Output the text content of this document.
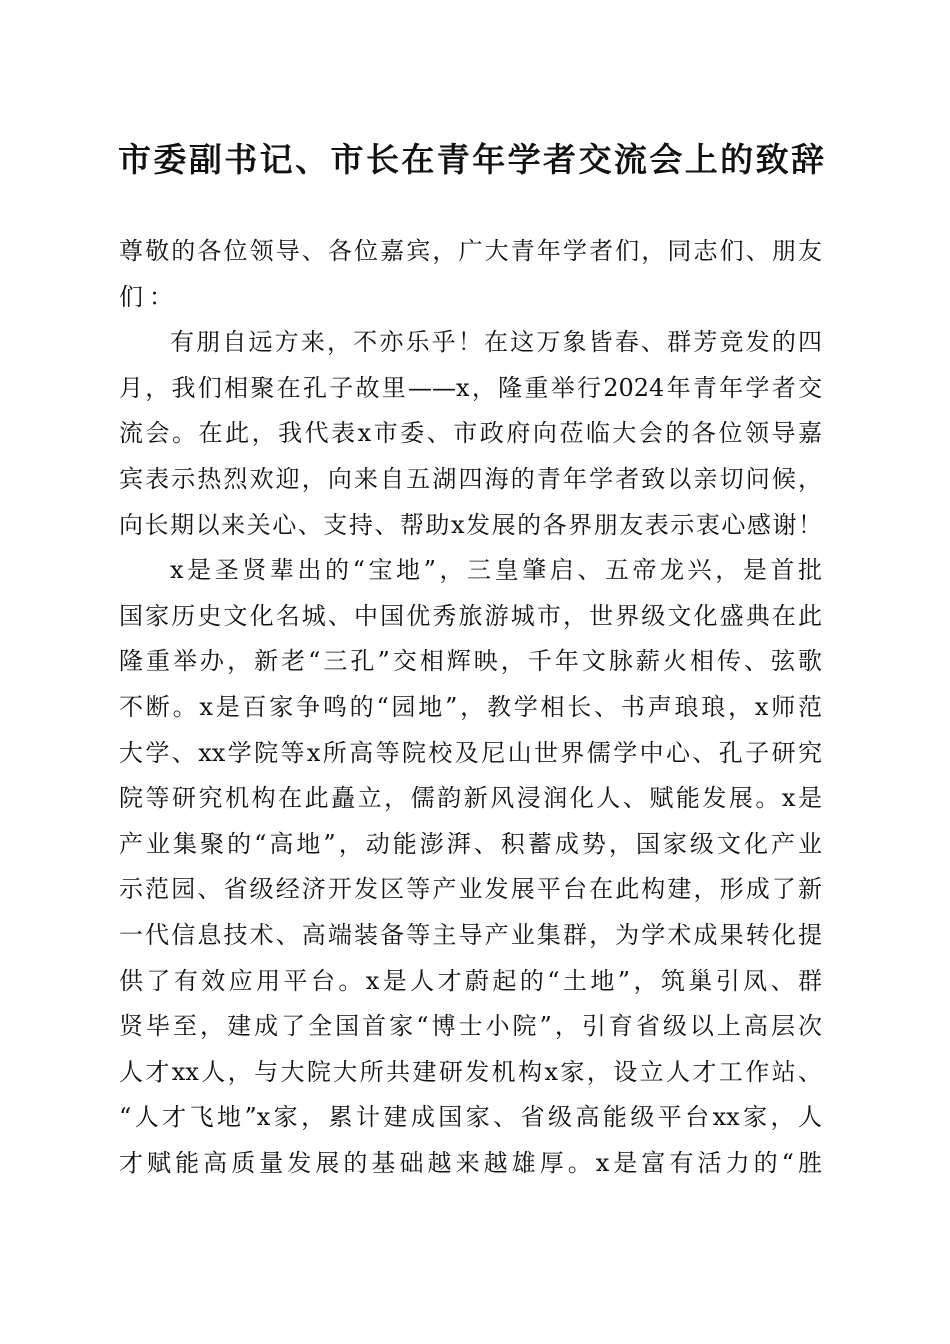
市委副书记、市长在青年学者交流会上的致辞
尊敬的各位领导、各位嘉宾，广大青年学者们，同志们、朋友
们：
有朋自远方来，不亦乐乎！在这万象皆春、群芳竞发的四
月，我们相聚在孔子故里——x，隆重举行2024年青年学者交
流会。在此，我代表x市委、市政府向莅临大会的各位领导嘉
宾表示热烈欢迎，向来自五湖四海的青年学者致以亲切问候，
向长期以来关心、支持、帮助x发展的各界朋友表示衷心感谢！
x是圣贤辈出的“宝地”，三皇肇启、五帝龙兴，是首批
国家历史文化名城、中国优秀旅游城市，世界级文化盛典在此
隆重举办，新老“三孔”交相辉映，千年文脉薪火相传、弦歌
不断。x是百家争鸣的“园地”，教学相长、书声琅琅，x师范
大学、xx学院等x所高等院校及尼山世界儒学中心、孔子研究
院等研究机构在此矗立，儒韵新风浸润化人、赋能发展。x是
产业集聚的“高地”，动能澎湃、积蓄成势，国家级文化产业
示范园、省级经济开发区等产业发展平台在此构建，形成了新
一代信息技术、高端装备等主导产业集群，为学术成果转化提
供了有效应用平台。x是人才蔚起的“土地”，筑巢引凤、群
贤毕至，建成了全国首家“博士小院”，引育省级以上高层次
人才xx人，与大院大所共建研发机构x家，设立人才工作站、
“人才飞地”x家，累计建成国家、省级高能级平台xx家，人
才赋能高质量发展的基础越来越雄厚。x是富有活力的“胜
